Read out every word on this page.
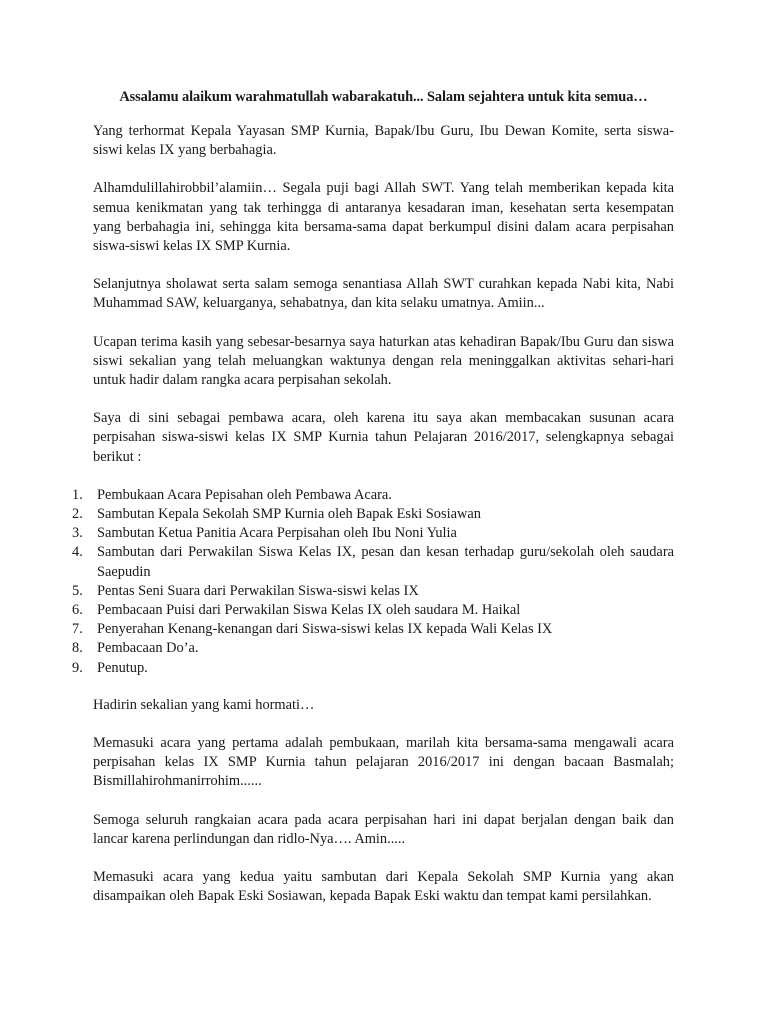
Assalamu alaikum warahmatullah wabarakatuh... Salam sejahtera untuk kita semua…

Yang terhormat Kepala Yayasan SMP Kurnia, Bapak/Ibu Guru, Ibu Dewan Komite, serta siswa-siswi kelas IX yang berbahagia.

Alhamdulillahirobbil’alamiin… Segala puji bagi Allah SWT. Yang telah memberikan kepada kita semua kenikmatan yang tak terhingga di antaranya kesadaran iman, kesehatan serta kesempatan yang berbahagia ini, sehingga kita bersama-sama dapat berkumpul disini dalam acara perpisahan siswa-siswi kelas IX SMP Kurnia.

Selanjutnya sholawat serta salam semoga senantiasa Allah SWT curahkan kepada Nabi kita, Nabi Muhammad SAW, keluarganya, sehabatnya, dan kita selaku umatnya. Amiin...

Ucapan terima kasih yang sebesar-besarnya saya haturkan atas kehadiran Bapak/Ibu Guru dan siswa siswi sekalian yang telah meluangkan waktunya dengan rela meninggalkan aktivitas sehari-hari untuk hadir dalam rangka acara perpisahan sekolah.

Saya di sini sebagai pembawa acara, oleh karena itu saya akan membacakan susunan acara perpisahan siswa-siswi kelas IX SMP Kurnia tahun Pelajaran 2016/2017, selengkapnya sebagai berikut :

1. Pembukaan Acara Pepisahan oleh Pembawa Acara.
2. Sambutan Kepala Sekolah SMP Kurnia oleh Bapak Eski Sosiawan
3. Sambutan Ketua Panitia Acara Perpisahan oleh Ibu Noni Yulia
4. Sambutan dari Perwakilan Siswa Kelas IX, pesan dan kesan terhadap guru/sekolah oleh saudara Saepudin
5. Pentas Seni Suara dari Perwakilan Siswa-siswi kelas IX
6. Pembacaan Puisi dari Perwakilan Siswa Kelas IX oleh saudara M. Haikal
7. Penyerahan Kenang-kenangan dari Siswa-siswi kelas IX kepada Wali Kelas IX
8. Pembacaan Do’a.
9. Penutup.

Hadirin sekalian yang kami hormati…

Memasuki acara yang pertama adalah pembukaan, marilah kita bersama-sama mengawali acara perpisahan kelas IX SMP Kurnia tahun pelajaran 2016/2017 ini dengan bacaan Basmalah; Bismillahirohmanirrohim......

Semoga seluruh rangkaian acara pada acara perpisahan hari ini dapat berjalan dengan baik dan lancar karena perlindungan dan ridlo-Nya…. Amin.....

Memasuki acara yang kedua yaitu sambutan dari Kepala Sekolah SMP Kurnia yang akan disampaikan oleh Bapak Eski Sosiawan, kepada Bapak Eski waktu dan tempat kami persilahkan.
